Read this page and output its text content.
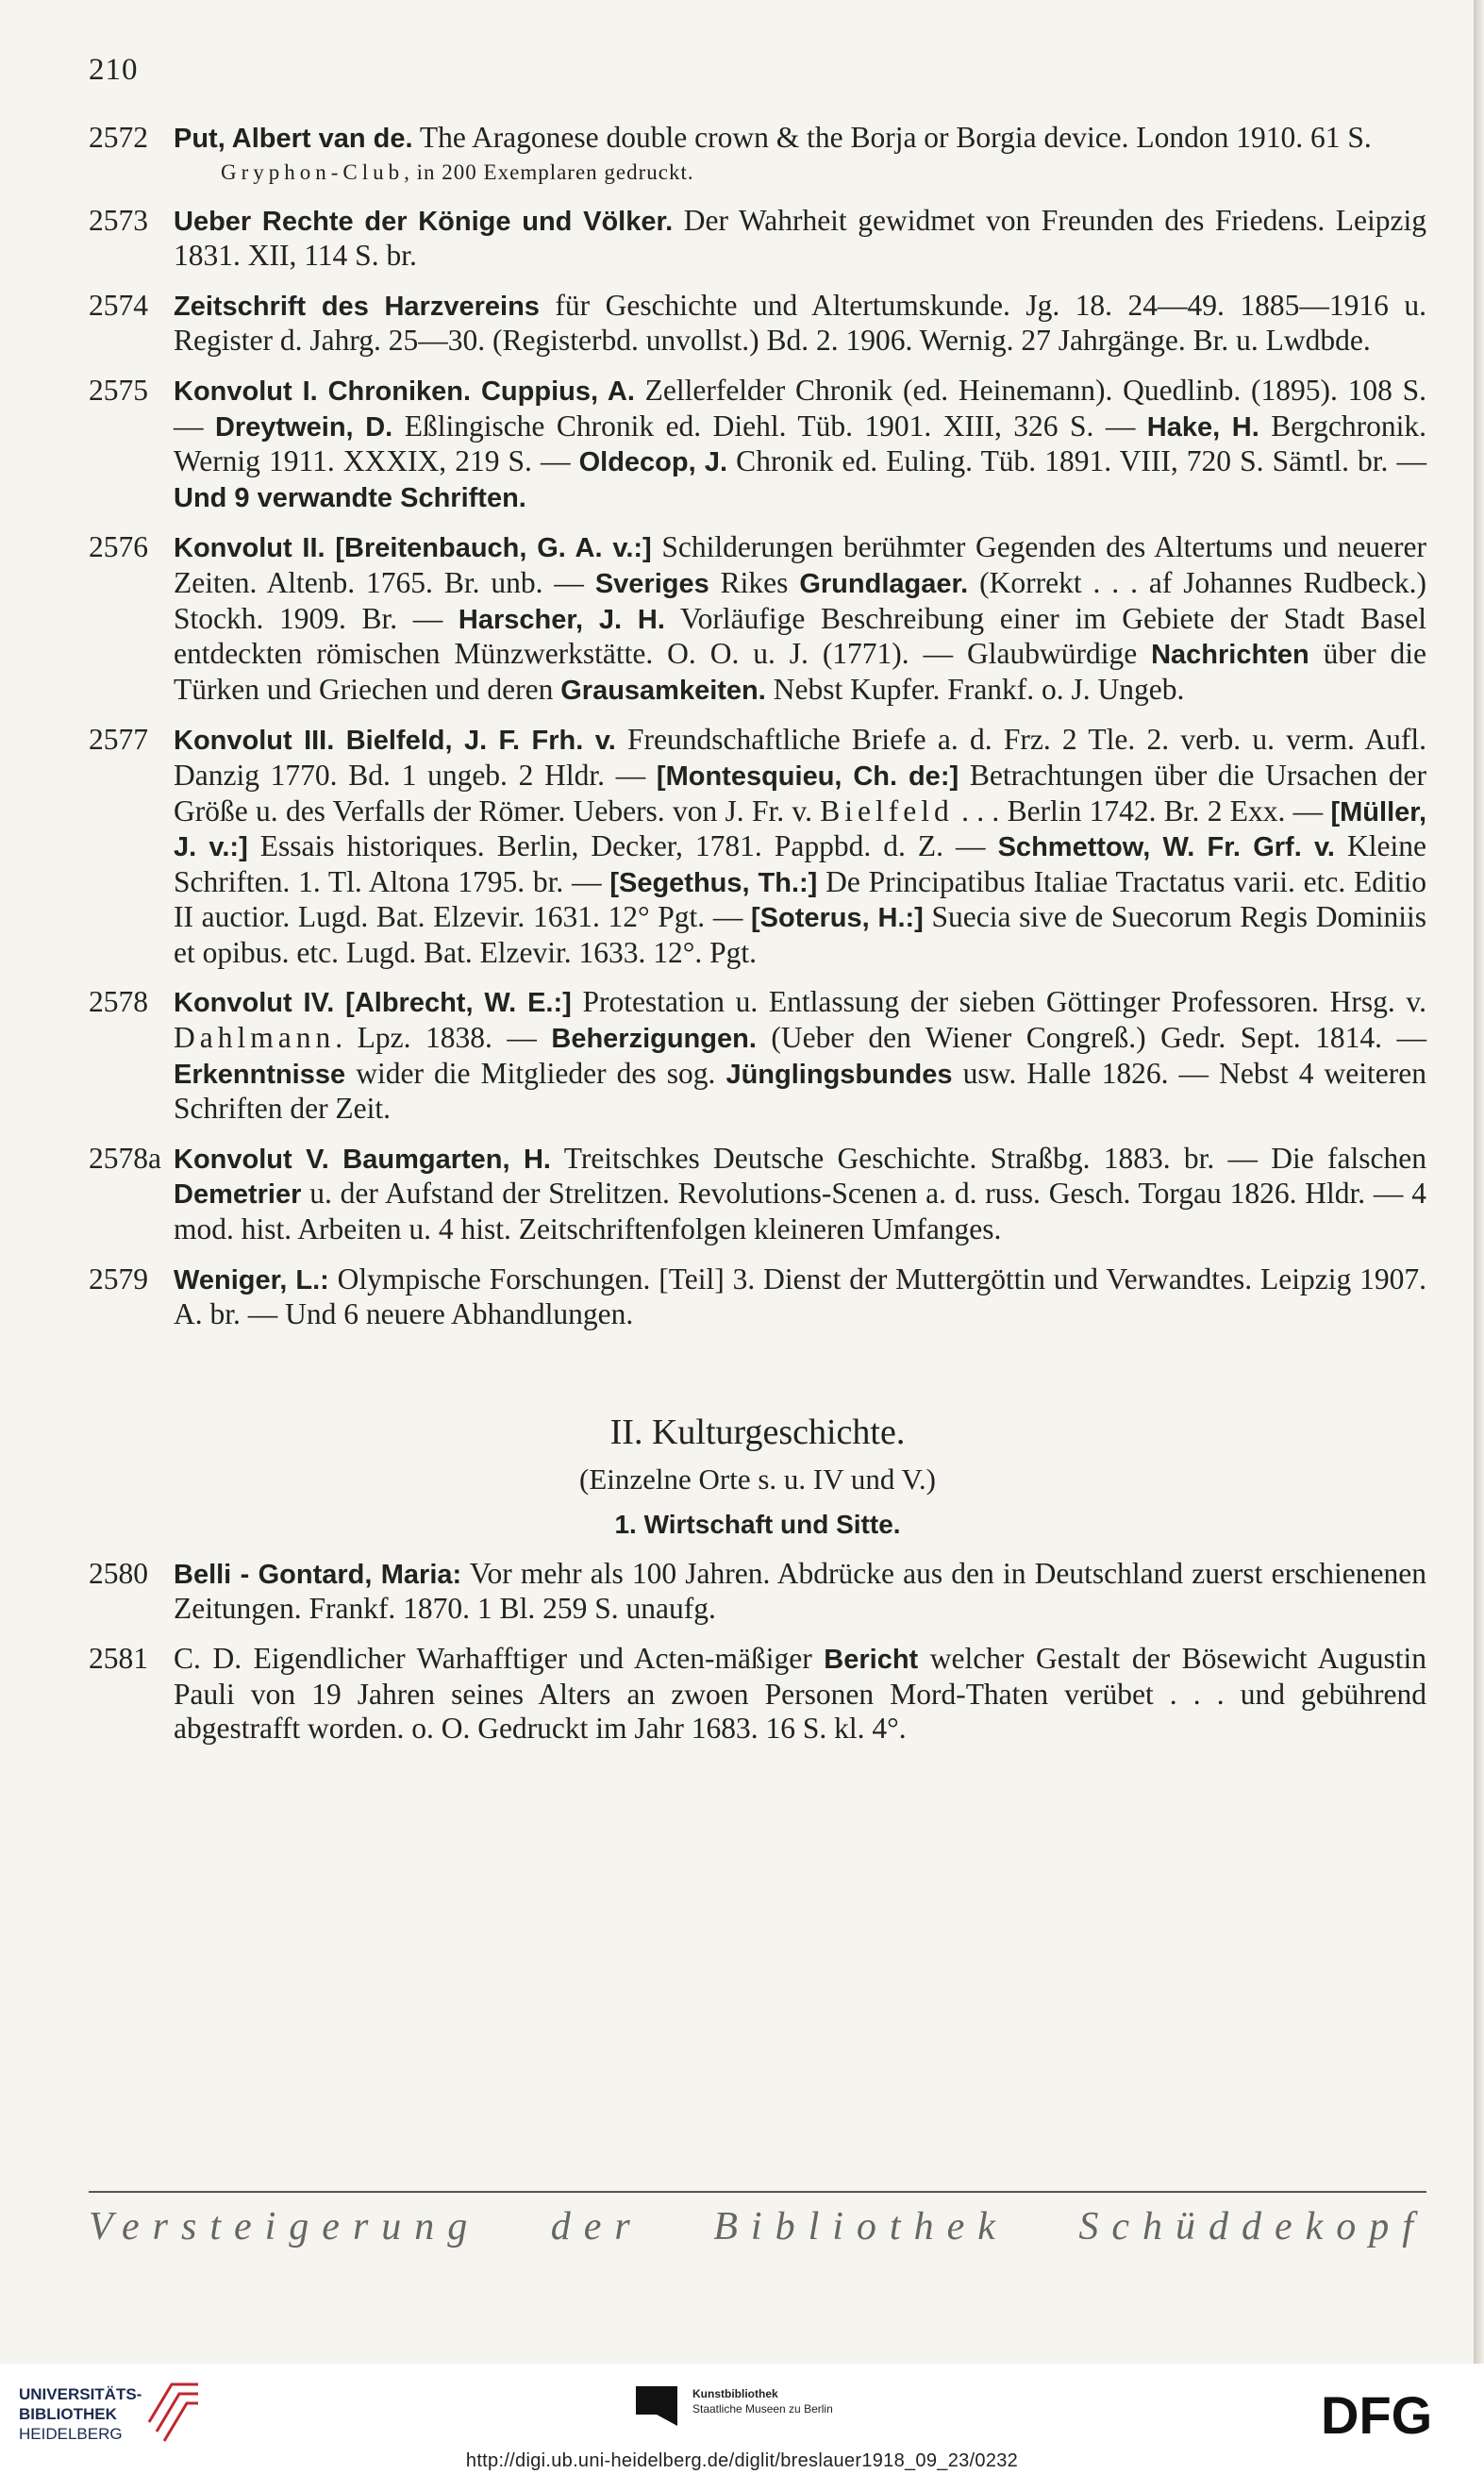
210
2572 Put, Albert van de. The Aragonese double crown & the Borja or Borgia device. London 1910. 61 S.
Gryphon-Club, in 200 Exemplaren gedruckt.
2573 Ueber Rechte der Könige und Völker. Der Wahrheit gewidmet von Freunden des Friedens. Leipzig 1831. XII, 114 S. br.
2574 Zeitschrift des Harzvereins für Geschichte und Altertumskunde. Jg. 18. 24—49. 1885—1916 u. Register d. Jahrg. 25—30. (Registerbd. unvollst.) Bd. 2. 1906. Wernig. 27 Jahrgänge. Br. u. Lwdbde.
2575 Konvolut I. Chroniken. Cuppius, A. Zellerfelder Chronik (ed. Heinemann). Quedlinb. (1895). 108 S. — Dreytwein, D. Eßlingische Chronik ed. Diehl. Tüb. 1901. XIII, 326 S. — Hake, H. Bergchronik. Wernig 1911. XXXIX, 219 S. — Oldecop, J. Chronik ed. Euling. Tüb. 1891. VIII, 720 S. Sämtl. br. — Und 9 verwandte Schriften.
2576 Konvolut II. [Breitenbauch, G. A. v.:] Schilderungen berühmter Gegenden des Altertums und neuerer Zeiten. Altenb. 1765. Br. unb. — Sveriges Rikes Grundlagaer. (Korrekt . . . af Johannes Rudbeck.) Stockh. 1909. Br. — Harscher, J. H. Vorläufige Beschreibung einer im Gebiete der Stadt Basel entdeckten römischen Münzwerkstätte. O. O. u. J. (1771). — Glaubwürdige Nachrichten über die Türken und Griechen und deren Grausamkeiten. Nebst Kupfer. Frankf. o. J. Ungeb.
2577 Konvolut III. Bielfeld, J. F. Frh. v. Freundschaftliche Briefe a. d. Frz. 2 Tle. 2. verb. u. verm. Aufl. Danzig 1770. Bd. 1 ungeb. 2 Hldr. — [Montesquieu, Ch. de:] Betrachtungen über die Ursachen der Größe u. des Verfalls der Römer. Uebers. von J. Fr. v. Bielfeld . . . Berlin 1742. Br. 2 Exx. — [Müller, J. v.:] Essais historiques. Berlin, Decker, 1781. Pappbd. d. Z. — Schmettow, W. Fr. Grf. v. Kleine Schriften. 1. Tl. Altona 1795. br. — [Segethus, Th.:] De Principatibus Italiae Tractatus varii. etc. Editio II auctior. Lugd. Bat. Elzevir. 1631. 12° Pgt. — [Soterus, H.:] Suecia sive de Suecorum Regis Dominiis et opibus. etc. Lugd. Bat. Elzevir. 1633. 12°. Pgt.
2578 Konvolut IV. [Albrecht, W. E.:] Protestation u. Entlassung der sieben Göttinger Professoren. Hrsg. v. Dahlmann. Lpz. 1838. — Beherzigungen. (Ueber den Wiener Congreß.) Gedr. Sept. 1814. — Erkenntnisse wider die Mitglieder des sog. Jünglingsbundes usw. Halle 1826. — Nebst 4 weiteren Schriften der Zeit.
2578a Konvolut V. Baumgarten, H. Treitschkes Deutsche Geschichte. Straßbg. 1883. br. — Die falschen Demetrier u. der Aufstand der Strelitzen. Revolutions-Scenen a. d. russ. Gesch. Torgau 1826. Hldr. — 4 mod. hist. Arbeiten u. 4 hist. Zeitschriftenfolgen kleineren Umfanges.
2579 Weniger, L.: Olympische Forschungen. [Teil] 3. Dienst der Muttergöttin und Verwandtes. Leipzig 1907. A. br. — Und 6 neuere Abhandlungen.
II. Kulturgeschichte.
(Einzelne Orte s. u. IV und V.)
1. Wirtschaft und Sitte.
2580 Belli - Gontard, Maria: Vor mehr als 100 Jahren. Abdrücke aus den in Deutschland zuerst erschienenen Zeitungen. Frankf. 1870. 1 Bl. 259 S. unaufg.
2581 C. D. Eigendlicher Warhafftiger und Acten-mäßiger Bericht welcher Gestalt der Bösewicht Augustin Pauli von 19 Jahren seines Alters an zwoen Personen Mord-Thaten verübet . . . und gebührend abgestrafft worden. o. O. Gedruckt im Jahr 1683. 16 S. kl. 4°.
Versteigerung der Bibliothek Schüddekopf
UNIVERSITÄTS-
BIBLIOTHEK
HEIDELBERG
Kunstbibliothek
Staatliche Museen zu Berlin	DFG
http://digi.ub.uni-heidelberg.de/diglit/breslauer1918_09_23/0232
